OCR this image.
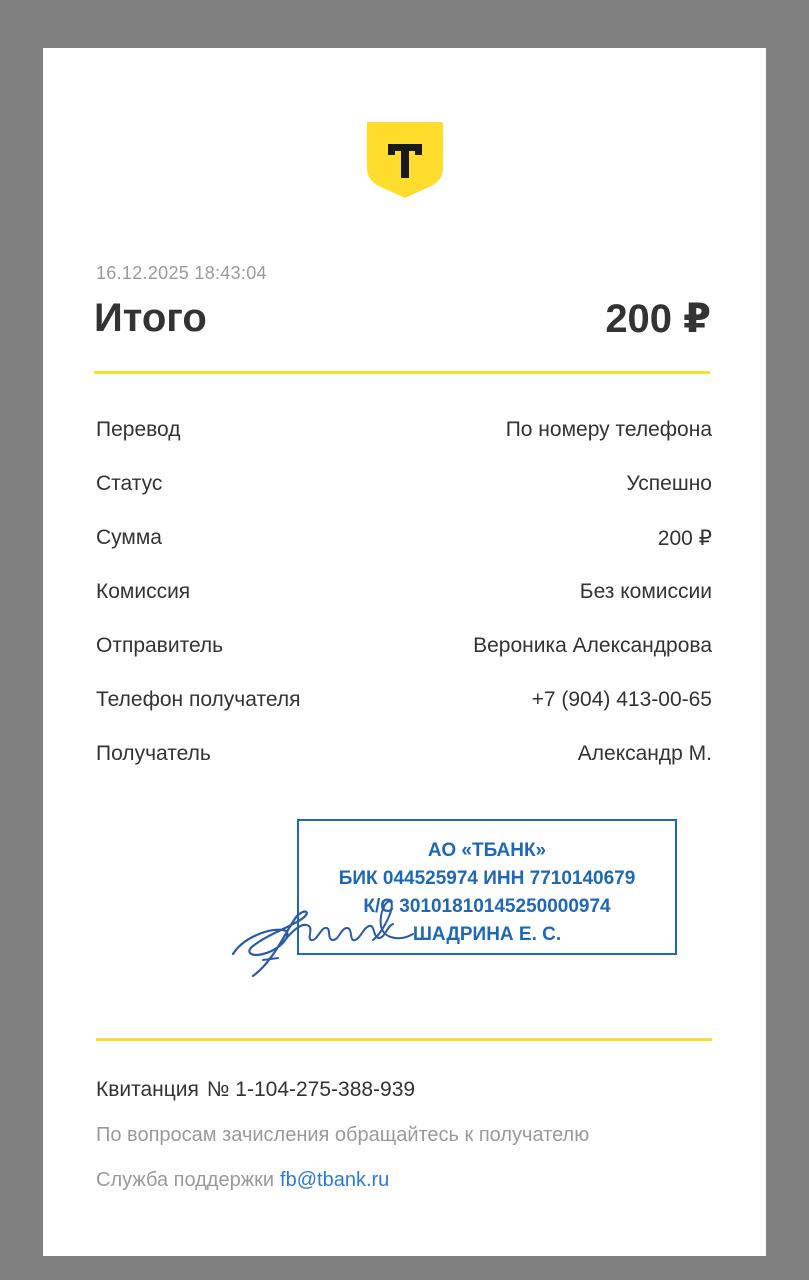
16.12.2025 18:43:04
Итого	200 ₽
Перевод	По номеру телефона
Статус	Успешно
Сумма	200 ₽
Комиссия	Без комиссии
Отправитель	Вероника Александрова
Телефон получателя	+7 (904) 413-00-65
Получатель	Александр М.
АО «ТБАНК»
БИК 044525974 ИНН 7710140679
К/С 30101810145250000974
ШАДРИНА Е. С.
Квитанция № 1-104-275-388-939
По вопросам зачисления обращайтесь к получателю
Служба поддержки fb@tbank.ru
